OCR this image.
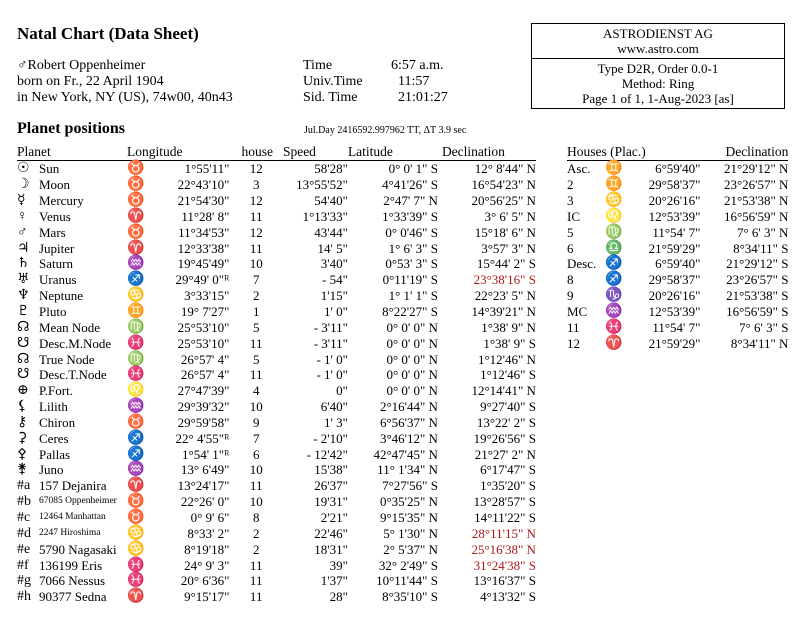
Natal Chart (Data Sheet)
♂Robert Oppenheimer
born on Fr., 22 April 1904
in New York, NY (US), 74w00, 40n43
Time	6:57 a.m.
Univ.Time	11:57
Sid. Time	21:01:27
ASTRODIENST AG
www.astro.com
Type D2R, Order 0.0-1
Method: Ring
Page 1 of 1, 1-Aug-2023 [as]
Planet positions	Jul.Day 2416592.997962 TT, ΔT 3.9 sec
Planet		Longitude		house	Speed	Latitude	Declination
☉	Sun	♉	1°55'11"	12	58'28"	0° 0' 1" S	12° 8'44" N
☽	Moon	♉	22°43'10"	3	13°55'52"	4°41'26" S	16°54'23" N
☿	Mercury	♉	21°54'30"	12	54'40"	2°47' 7" N	20°56'25" N
♀	Venus	♈	11°28' 8"	11	1°13'33"	1°33'39" S	3° 6' 5" N
♂	Mars	♉	11°34'53"	12	43'44"	0° 0'46" S	15°18' 6" N
♃	Jupiter	♈	12°33'38"	11	14' 5"	1° 6' 3" S	3°57' 3" N
♄	Saturn	♒	19°45'49"	10	3'40"	0°53' 3" S	15°44' 2" S
♅	Uranus	♐	29°49' 0"ᴿ	7	- 54"	0°11'19" S	23°38'16" S
♆	Neptune	♋	3°33'15"	2	1'15"	1° 1' 1" S	22°23' 5" N
♇	Pluto	♊	19° 7'27"	1	1' 0"	8°22'27" S	14°39'21" N
☊	Mean Node	♍	25°53'10"	5	- 3'11"	0° 0' 0" N	1°38' 9" N
☋	Desc.M.Node	♓	25°53'10"	11	- 3'11"	0° 0' 0" N	1°38' 9" S
☊	True Node	♍	26°57' 4"	5	- 1' 0"	0° 0' 0" N	1°12'46" N
☋	Desc.T.Node	♓	26°57' 4"	11	- 1' 0"	0° 0' 0" N	1°12'46" S
⊕	P.Fort.	♌	27°47'39"	4	0"	0° 0' 0" N	12°14'41" N
⚸	Lilith	♒	29°39'32"	10	6'40"	2°16'44" N	9°27'40" S
⚷	Chiron	♉	29°59'58"	9	1' 3"	6°56'37" N	13°22' 2" S
⚳	Ceres	♐	22° 4'55"ᴿ	7	- 2'10"	3°46'12" N	19°26'56" S
⚴	Pallas	♐	1°54' 1"ᴿ	6	- 12'42"	42°47'45" N	21°27' 2" N
⚵	Juno	♒	13° 6'49"	10	15'38"	11° 1'34" N	6°17'47" S
#a	157 Dejanira	♈	13°24'17"	11	26'37"	7°27'56" S	1°35'20" S
#b	67085 Oppenheimer	♉	22°26' 0"	10	19'31"	0°35'25" N	13°28'57" S
#c	12464 Manhattan	♉	0° 9' 6"	8	2'21"	9°15'35" N	14°11'22" S
#d	2247 Hiroshima	♋	8°33' 2"	2	22'46"	5° 1'30" N	28°11'15" N
#e	5790 Nagasaki	♋	8°19'18"	2	18'31"	2° 5'37" N	25°16'38" N
#f	136199 Eris	♓	24° 9' 3"	11	39"	32° 2'49" S	31°24'38" S
#g	7066 Nessus	♓	20° 6'36"	11	1'37"	10°11'44" S	13°16'37" S
#h	90377 Sedna	♈	9°15'17"	11	28"	8°35'10" S	4°13'32" S
Houses (Plac.)			Declination
Asc.	♊	6°59'40"	21°29'12" N
2	♊	29°58'37"	23°26'57" N
3	♋	20°26'16"	21°53'38" N
IC	♌	12°53'39"	16°56'59" N
5	♍	11°54' 7"	7° 6' 3" N
6	♎	21°59'29"	8°34'11" S
Desc.	♐	6°59'40"	21°29'12" S
8	♐	29°58'37"	23°26'57" S
9	♑	20°26'16"	21°53'38" S
MC	♒	12°53'39"	16°56'59" S
11	♓	11°54' 7"	7° 6' 3" S
12	♈	21°59'29"	8°34'11" N
